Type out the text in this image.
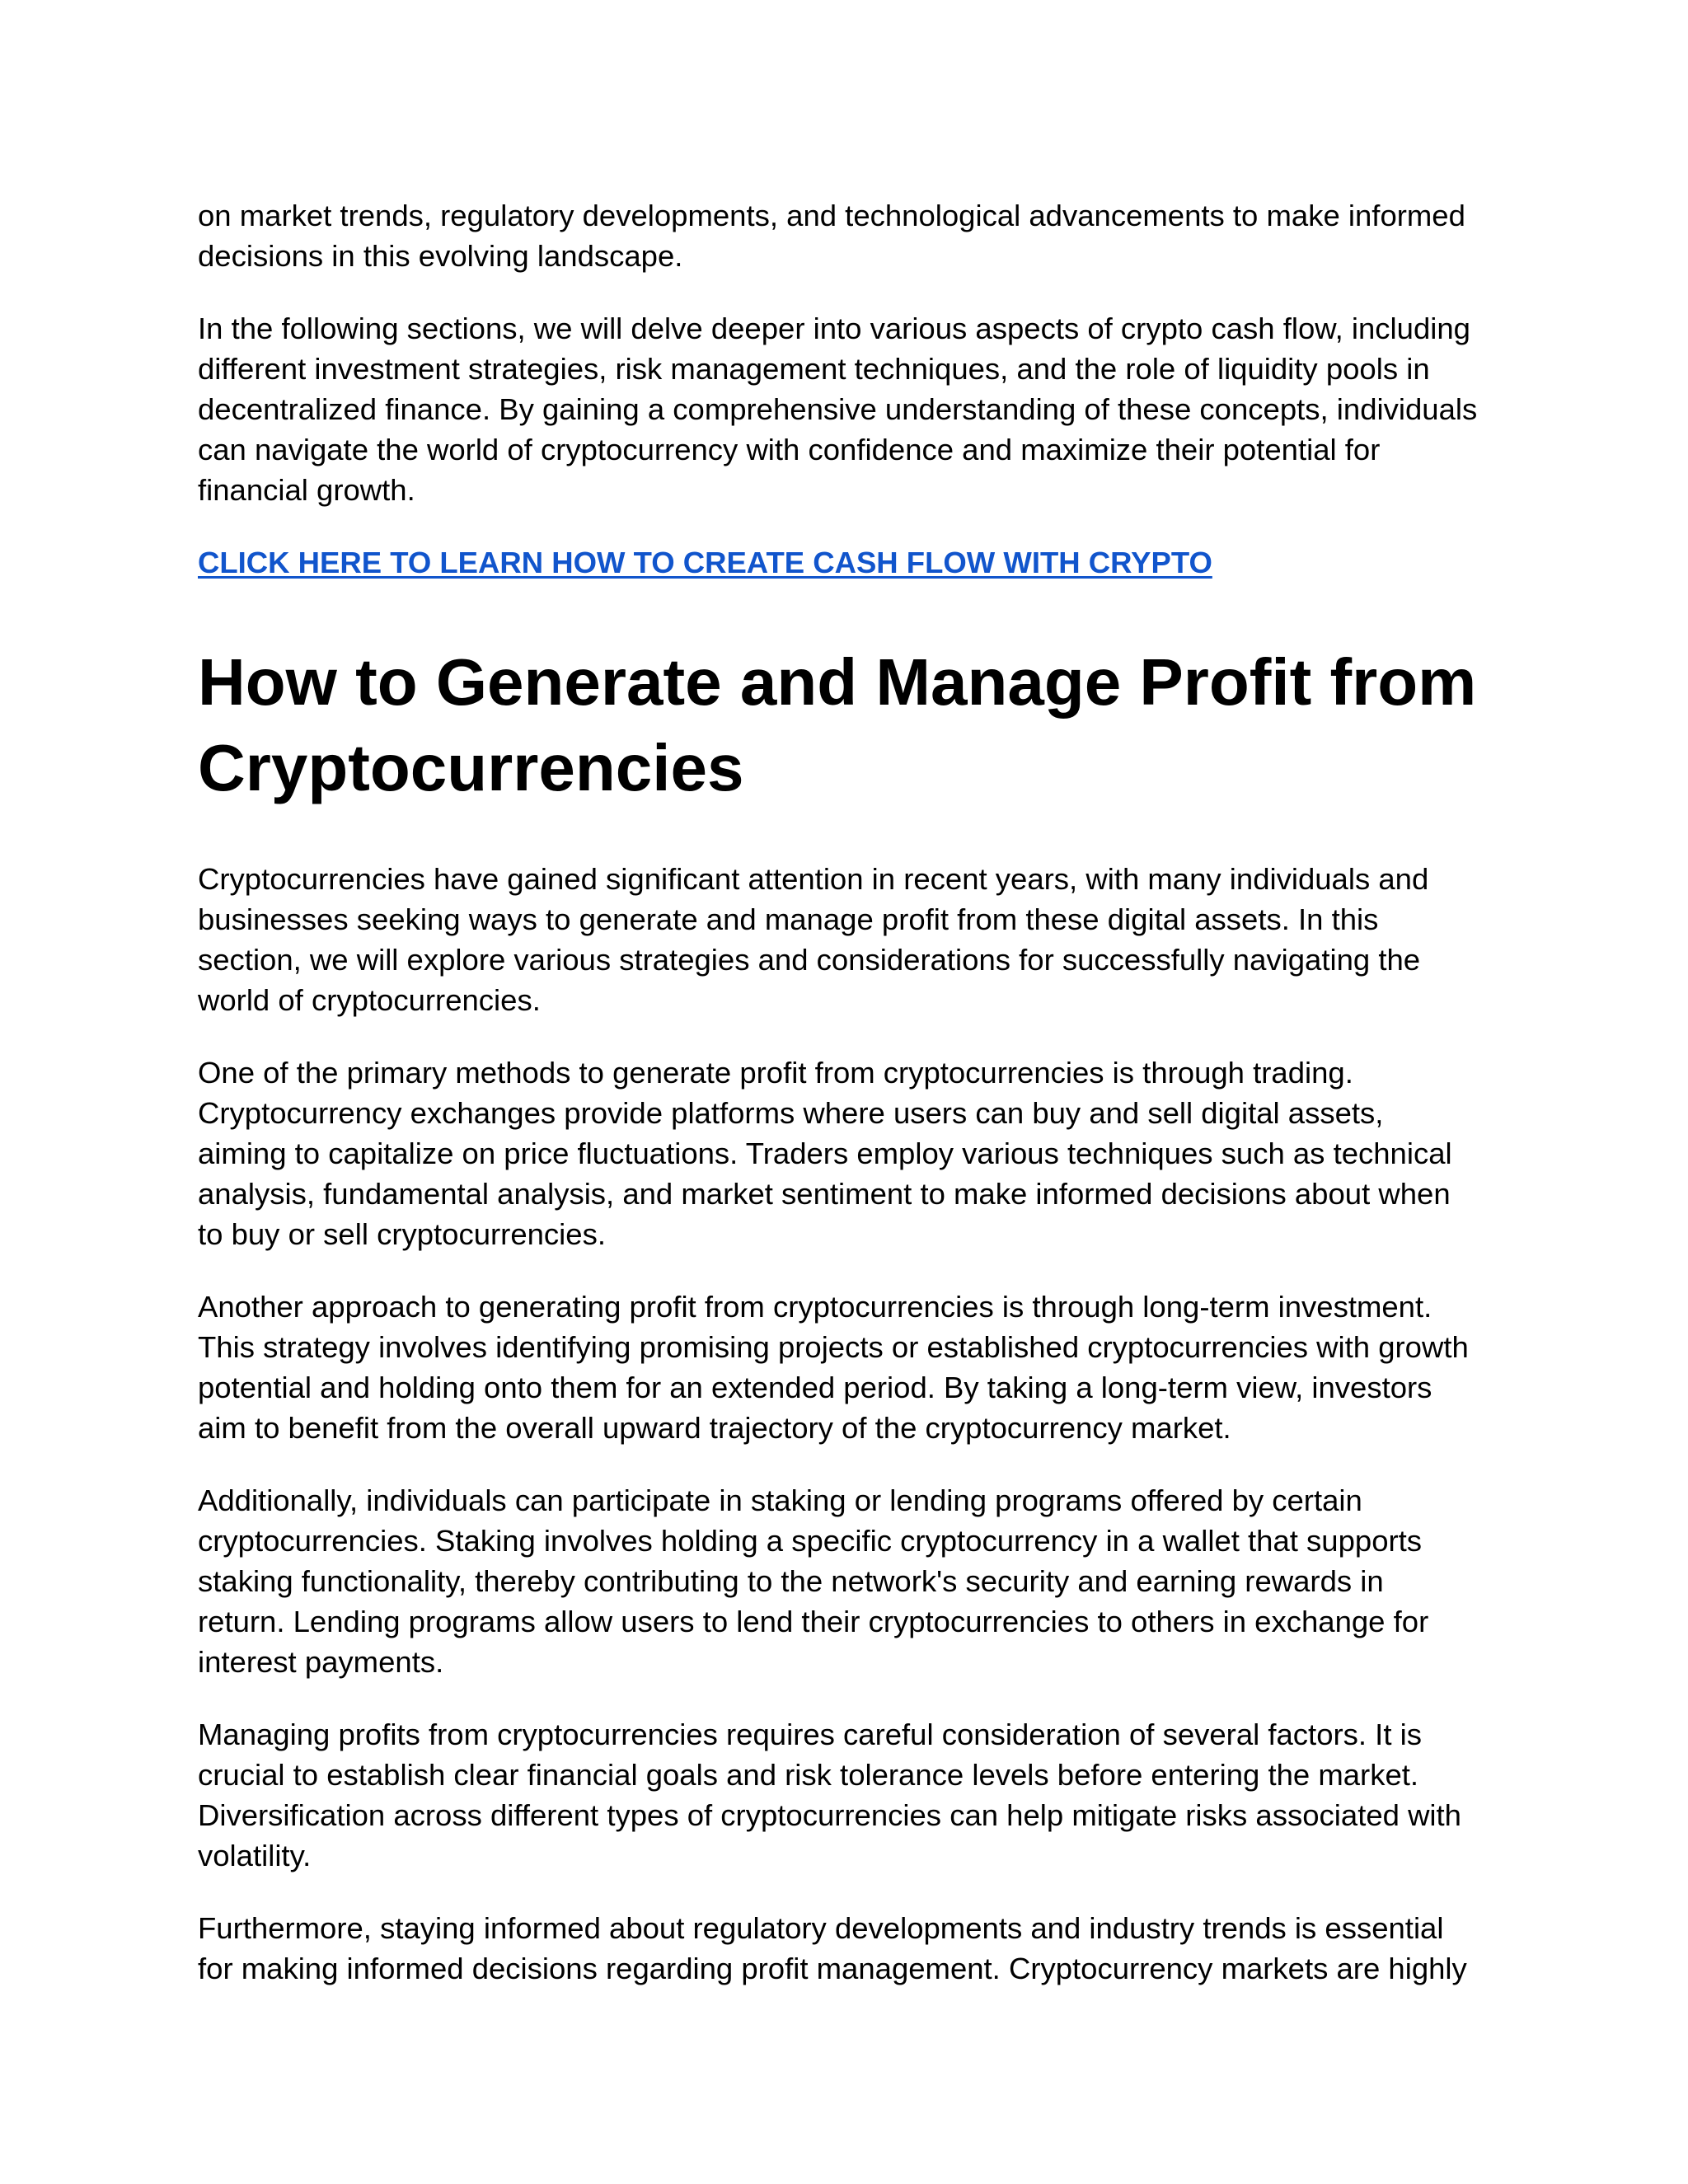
on market trends, regulatory developments, and technological advancements to make informed
decisions in this evolving landscape.

In the following sections, we will delve deeper into various aspects of crypto cash flow, including
different investment strategies, risk management techniques, and the role of liquidity pools in
decentralized finance. By gaining a comprehensive understanding of these concepts, individuals
can navigate the world of cryptocurrency with confidence and maximize their potential for
financial growth.

CLICK HERE TO LEARN HOW TO CREATE CASH FLOW WITH CRYPTO
How to Generate and Manage Profit from
Cryptocurrencies

Cryptocurrencies have gained significant attention in recent years, with many individuals and
businesses seeking ways to generate and manage profit from these digital assets. In this
section, we will explore various strategies and considerations for successfully navigating the
world of cryptocurrencies.

One of the primary methods to generate profit from cryptocurrencies is through trading.
Cryptocurrency exchanges provide platforms where users can buy and sell digital assets,
aiming to capitalize on price fluctuations. Traders employ various techniques such as technical
analysis, fundamental analysis, and market sentiment to make informed decisions about when
to buy or sell cryptocurrencies.

Another approach to generating profit from cryptocurrencies is through long-term investment.
This strategy involves identifying promising projects or established cryptocurrencies with growth
potential and holding onto them for an extended period. By taking a long-term view, investors
aim to benefit from the overall upward trajectory of the cryptocurrency market.

Additionally, individuals can participate in staking or lending programs offered by certain
cryptocurrencies. Staking involves holding a specific cryptocurrency in a wallet that supports
staking functionality, thereby contributing to the network's security and earning rewards in
return. Lending programs allow users to lend their cryptocurrencies to others in exchange for
interest payments.

Managing profits from cryptocurrencies requires careful consideration of several factors. It is
crucial to establish clear financial goals and risk tolerance levels before entering the market.
Diversification across different types of cryptocurrencies can help mitigate risks associated with
volatility.

Furthermore, staying informed about regulatory developments and industry trends is essential
for making informed decisions regarding profit management. Cryptocurrency markets are highly
